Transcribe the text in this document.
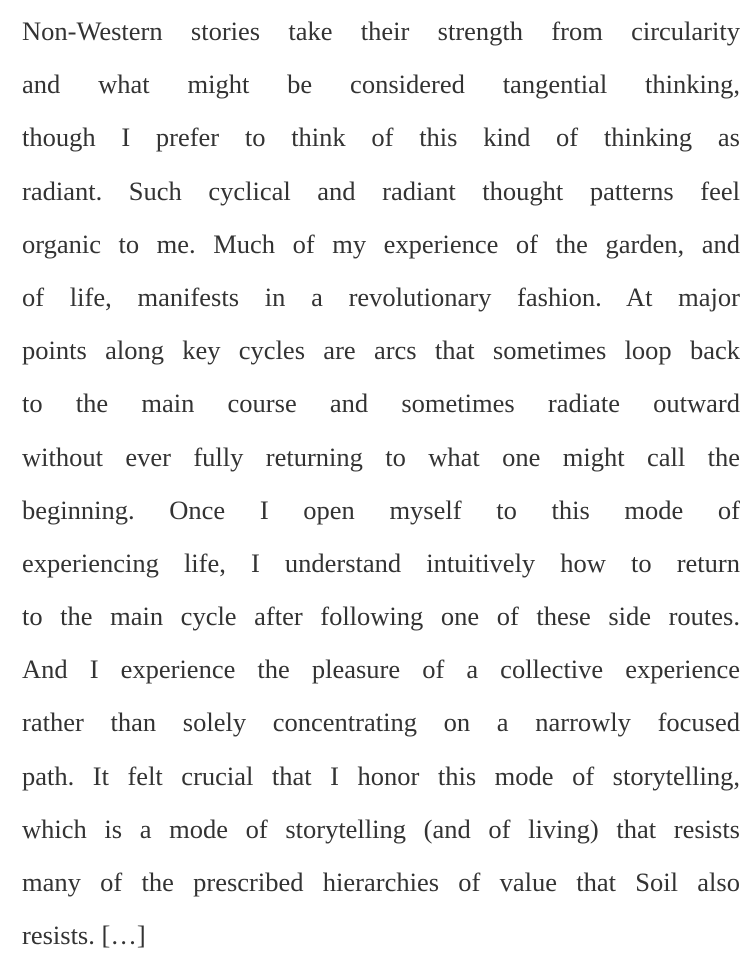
Non-Western stories take their strength from circularity
and what might be considered tangential thinking,
though I prefer to think of this kind of thinking as
radiant. Such cyclical and radiant thought patterns feel
organic to me. Much of my experience of the garden, and
of life, manifests in a revolutionary fashion. At major
points along key cycles are arcs that sometimes loop back
to the main course and sometimes radiate outward
without ever fully returning to what one might call the
beginning. Once I open myself to this mode of
experiencing life, I understand intuitively how to return
to the main cycle after following one of these side routes.
And I experience the pleasure of a collective experience
rather than solely concentrating on a narrowly focused
path. It felt crucial that I honor this mode of storytelling,
which is a mode of storytelling (and of living) that resists
many of the prescribed hierarchies of value that Soil also
resists. […]
